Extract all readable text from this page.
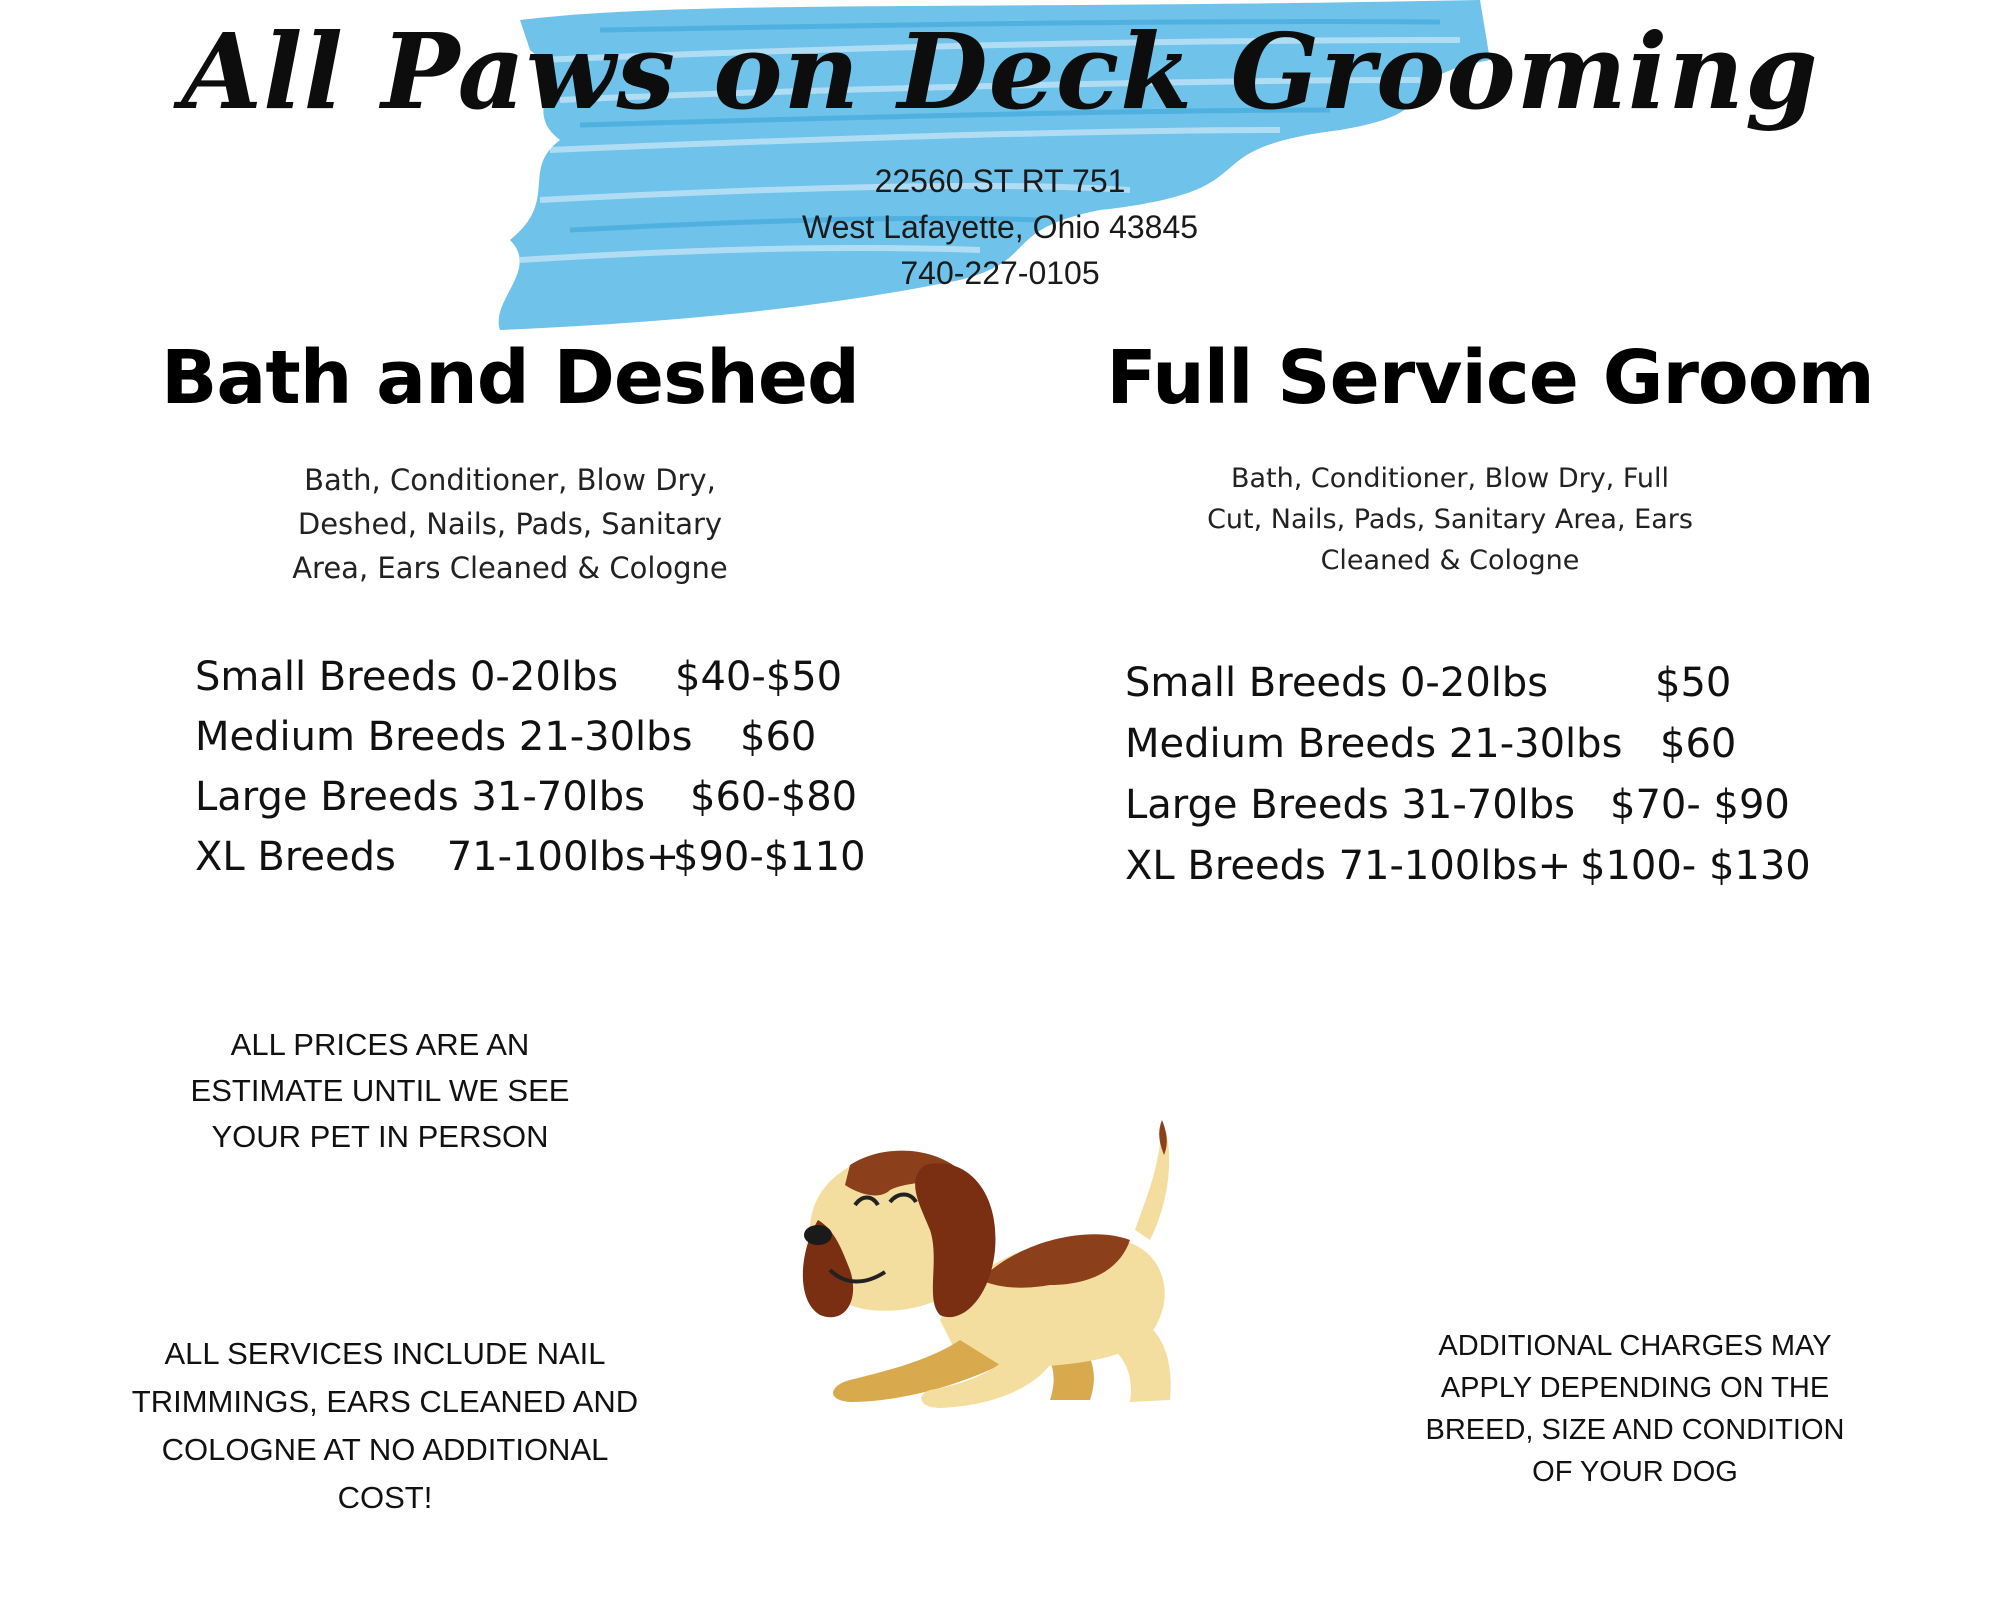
All Paws on Deck Grooming
22560 ST RT 751
West Lafayette, Ohio 43845
740-227-0105
Bath and Deshed
Bath, Conditioner, Blow Dry,
Deshed, Nails, Pads, Sanitary
Area, Ears Cleaned & Cologne
Small Breeds 0-20lbs $40-$50
Medium Breeds 21-30lbs $60
Large Breeds 31-70lbs $60-$80
XL Breeds    71-100lbs+
$90-$110
Full Service Groom
Bath, Conditioner, Blow Dry, Full
Cut, Nails, Pads, Sanitary Area, Ears
Cleaned & Cologne
Small Breeds 0-20lbs	$50
Medium Breeds 21-30lbs $60
Large Breeds 31-70lbs $70- $90
XL Breeds 71-100lbs+ $100- $130
ALL PRICES ARE AN
ESTIMATE UNTIL WE SEE
YOUR PET IN PERSON
ALL SERVICES INCLUDE NAIL
TRIMMINGS, EARS CLEANED AND
COLOGNE AT NO ADDITIONAL
COST!
ADDITIONAL CHARGES MAY
APPLY DEPENDING ON THE
BREED, SIZE AND CONDITION
OF YOUR DOG
